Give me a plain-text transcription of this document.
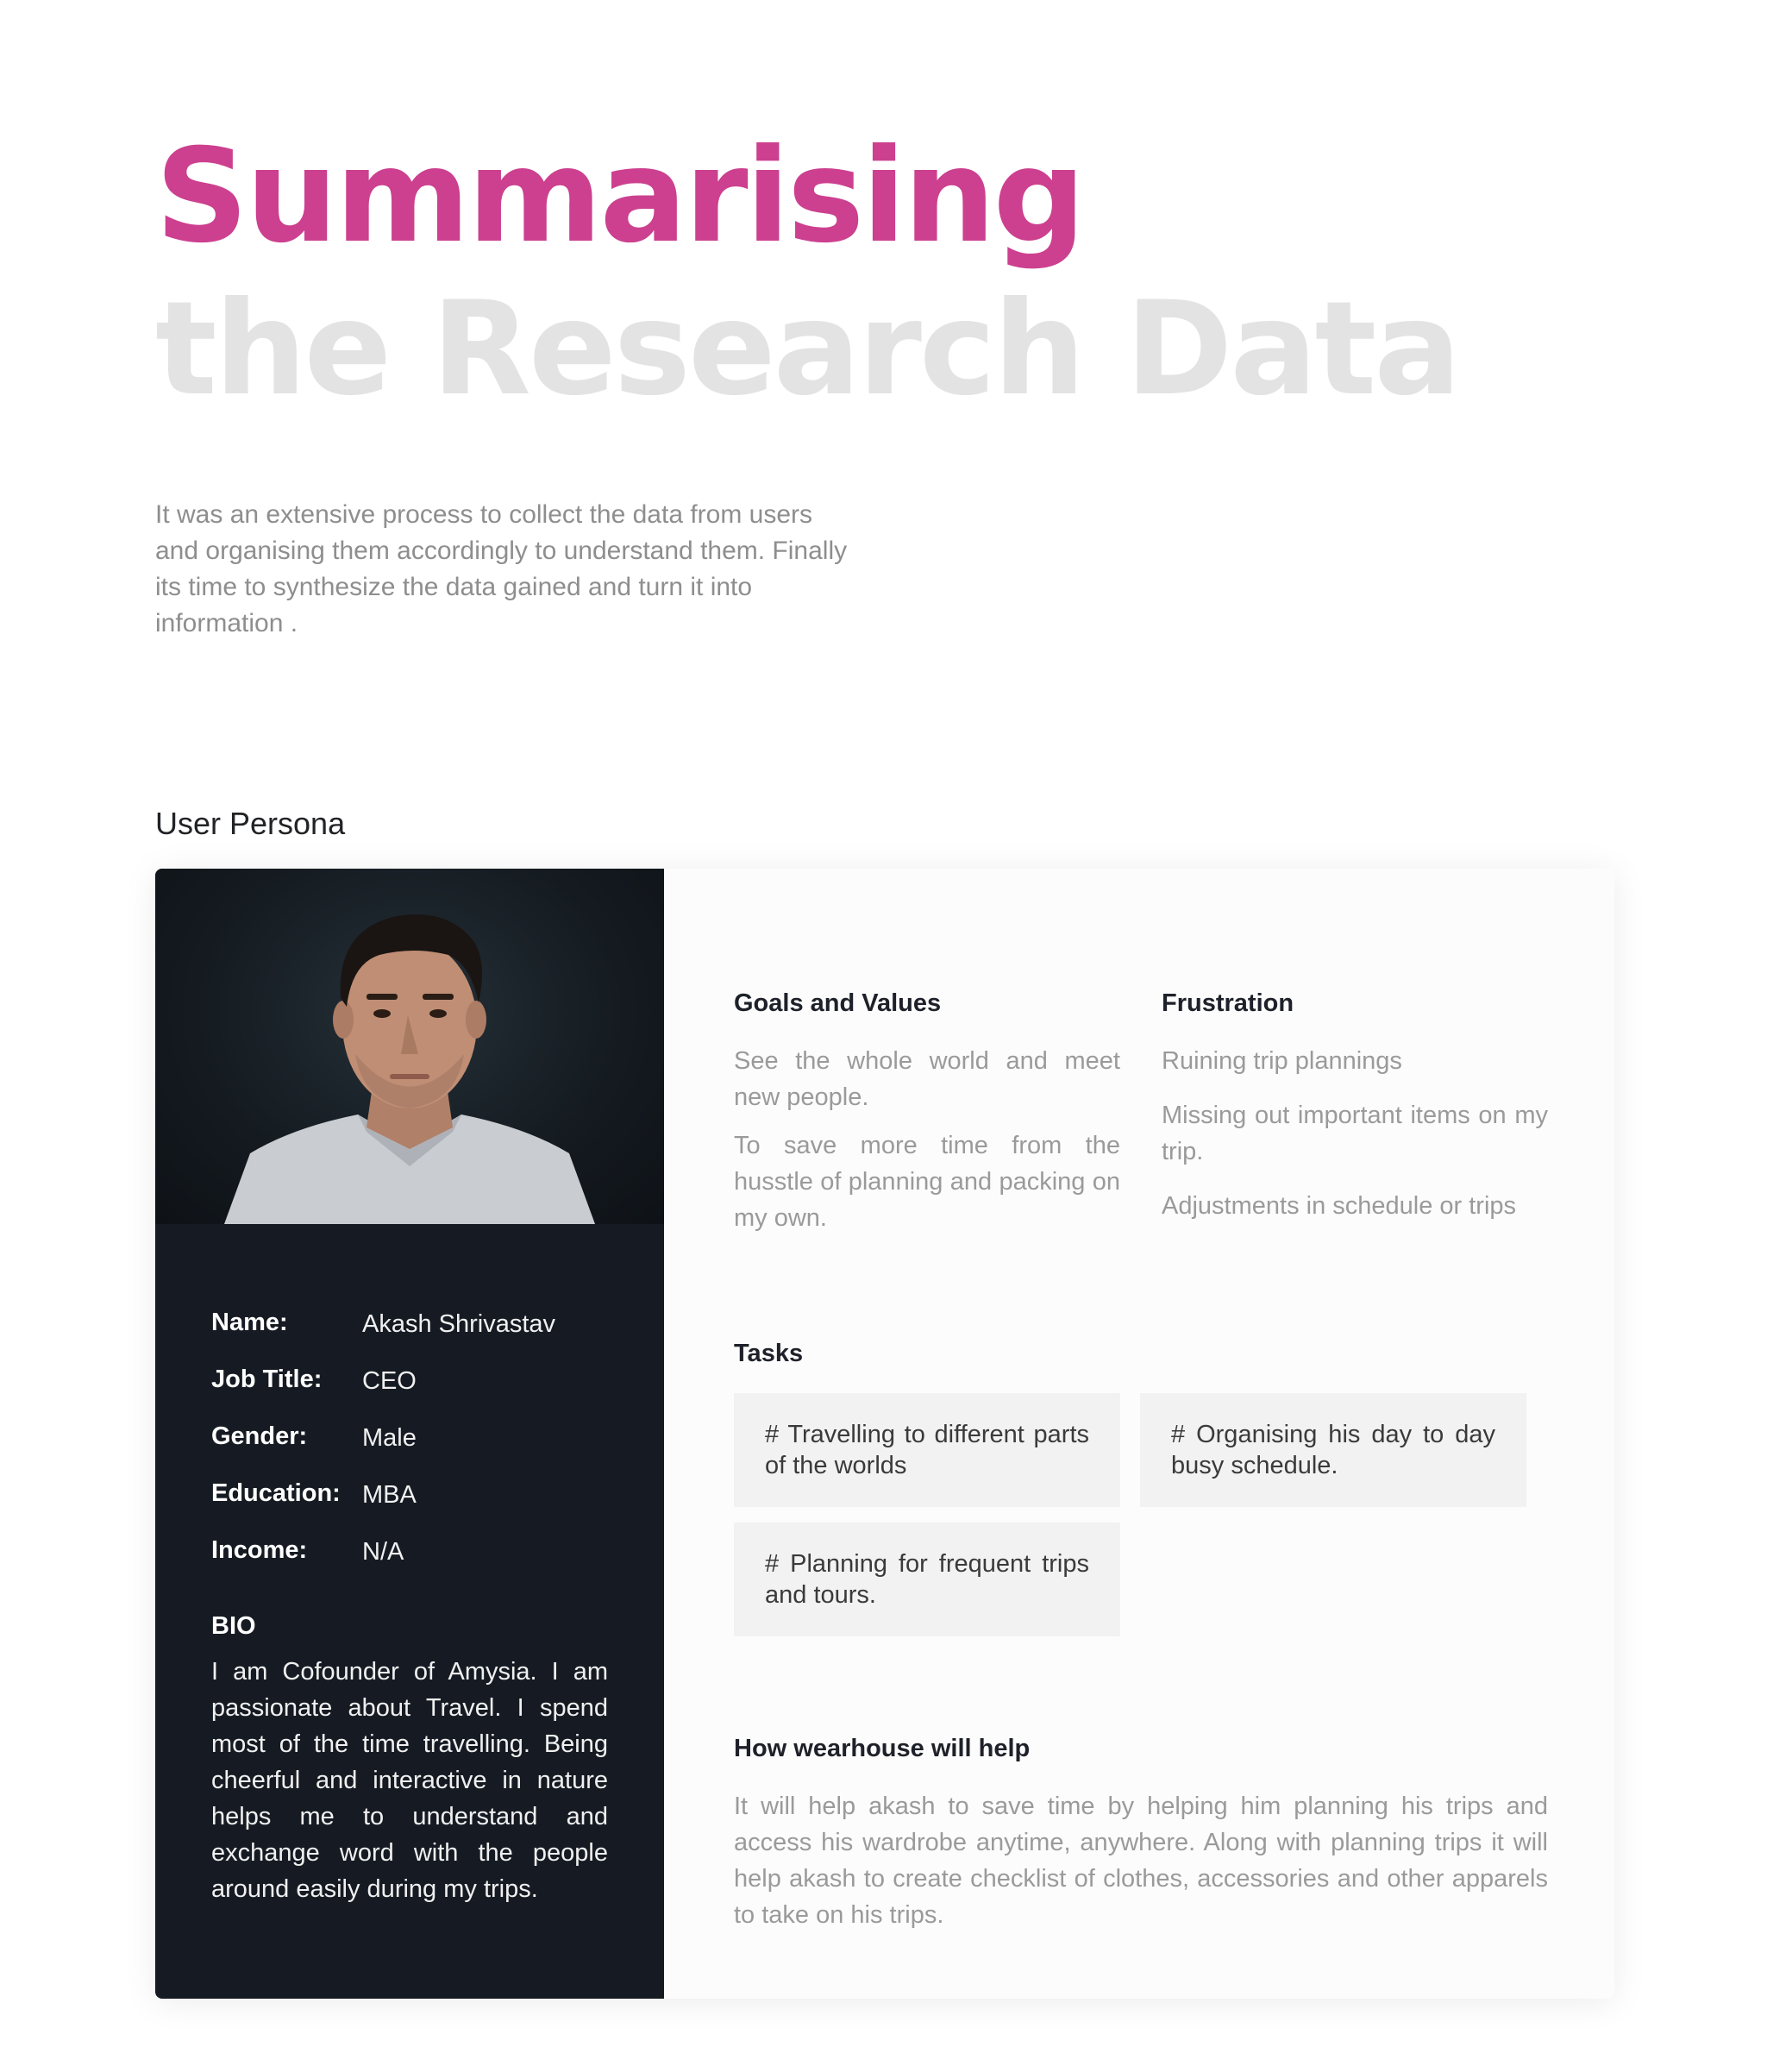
Summarising
the Research Data

It was an extensive process to collect the data from users and organising them accordingly to understand them. Finally its time to synthesize the data gained and turn it into information .

User Persona
Name:	Akash Shrivastav
Job Title: CEO
Gender: Male
Education: MBA
Income: N/A
BIO

I am Cofounder of Amysia. I am passionate about Travel. I spend most of the time travelling. Being cheerful and interactive in nature helps me to understand and exchange word with the people around easily during my trips.

Goals and Values

See the whole world and meet new people.

To save more time from the husstle of planning and packing on my own.

Frustration

Ruining trip plannings

Missing out important items on my trip.

Adjustments in schedule or trips

Tasks
# Travelling to different parts of the worlds
# Organising his day to day busy schedule.
# Planning for frequent trips and tours.
How wearhouse will help

It will help akash to save time by helping him planning his trips and access his wardrobe anytime, anywhere. Along with planning trips it will help akash to create checklist of clothes, accessories and other apparels to take on his trips.
